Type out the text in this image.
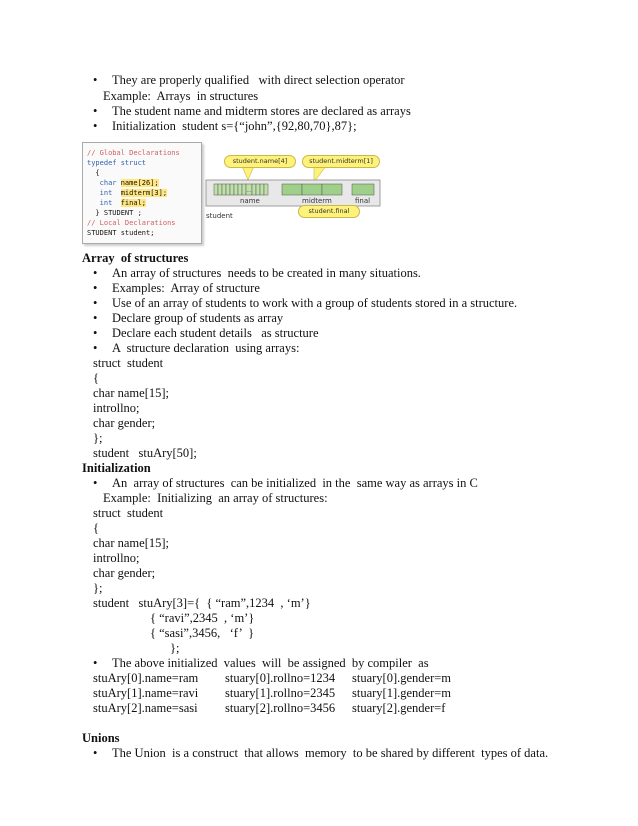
• They are properly qualified   with direct selection operator
Example:  Arrays  in structures
• The student name and midterm stores are declared as arrays
• Initialization  student s={“john”,{92,80,70},87};
// Global Declarations
typedef struct
{
char name[26];
int  midterm[3];
int  final;
} STUDENT ;
// Local Declarations
STUDENT student;
...
student.name[4]	student.midterm[1]
student.final
name	midterm	final
student
Array  of structures
• An array of structures  needs to be created in many situations.
• Examples:  Array of structure
• Use of an array of students to work with a group of students stored in a structure.
• Declare group of students as array
• Declare each student details   as structure
• A  structure declaration  using arrays:
struct  student
{
char name[15];
introllno;
char gender;
};
student   stuAry[50];
Initialization
• An  array of structures  can be initialized  in the  same way as arrays in C
Example:  Initializing  an array of structures:
struct  student
{
char name[15];
introllno;
char gender;
};
student   stuAry[3]={  { “ram”,1234  , ‘m’}
{ “ravi”,2345  , ‘m’}
{ “sasi”,3456,   ‘f’  }
};
• The above initialized  values  will  be assigned  by compiler  as
stuAry[0].name=ram stuary[0].rollno=1234 stuary[0].gender=m
stuAry[1].name=ravi stuary[1].rollno=2345 stuary[1].gender=m
stuAry[2].name=sasi stuary[2].rollno=3456 stuary[2].gender=f
Unions
• The Union  is a construct  that allows  memory  to be shared by different  types of data.
